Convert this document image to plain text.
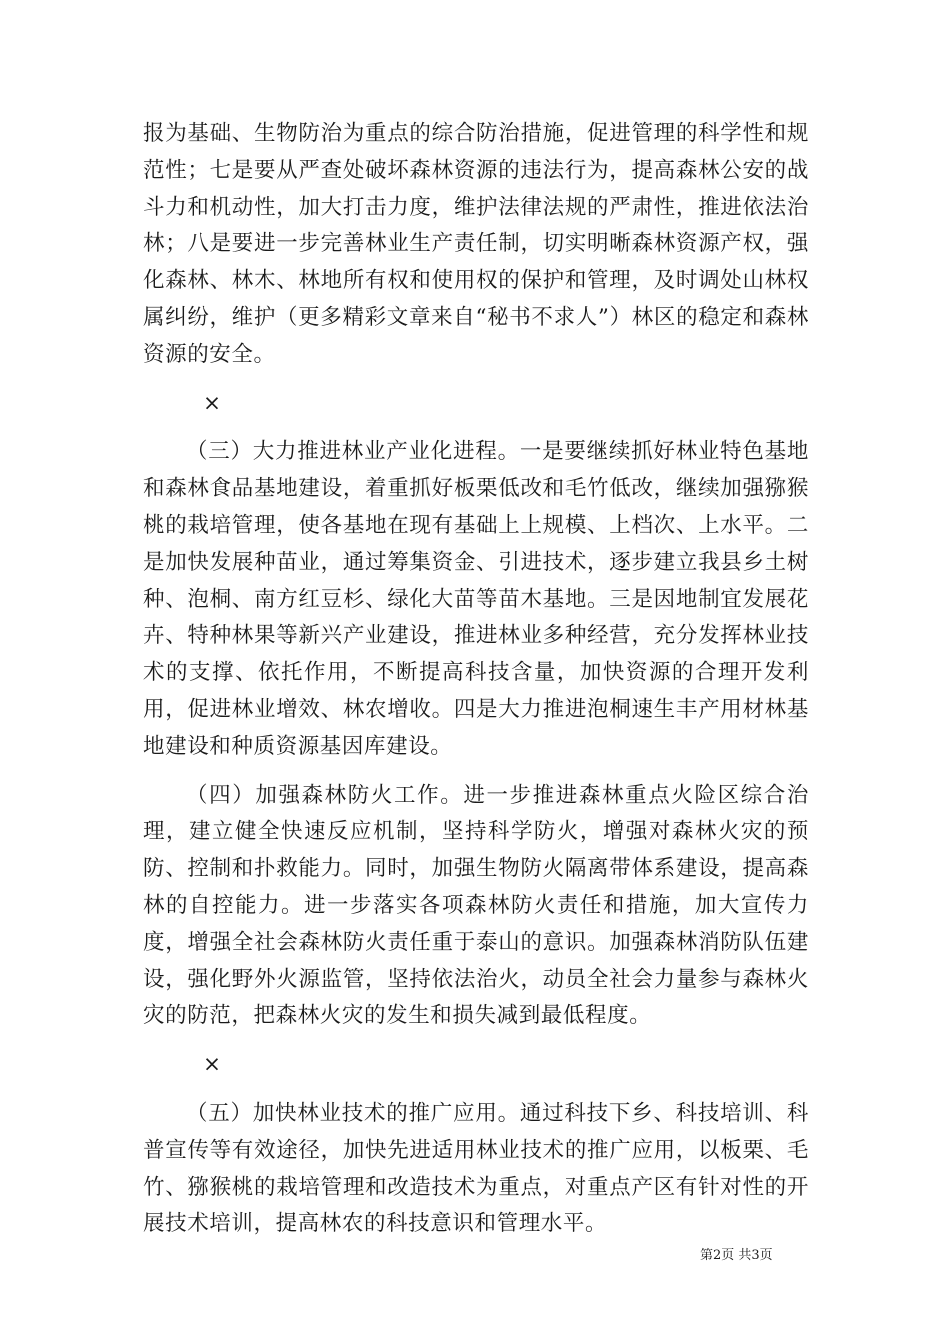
报为基础、生物防治为重点的综合防治措施，促进管理的科学性和规范性；七是要从严查处破坏森林资源的违法行为，提高森林公安的战斗力和机动性，加大打击力度，维护法律法规的严肃性，推进依法治林；八是要进一步完善林业生产责任制，切实明晰森林资源产权，强化森林、林木、林地所有权和使用权的保护和管理，及时调处山林权属纠纷，维护（更多精彩文章来自“秘书不求人”）林区的稳定和森林资源的安全。

×

（三）大力推进林业产业化进程。一是要继续抓好林业特色基地和森林食品基地建设，着重抓好板栗低改和毛竹低改，继续加强猕猴桃的栽培管理，使各基地在现有基础上上规模、上档次、上水平。二是加快发展种苗业，通过筹集资金、引进技术，逐步建立我县乡土树种、泡桐、南方红豆杉、绿化大苗等苗木基地。三是因地制宜发展花卉、特种林果等新兴产业建设，推进林业多种经营，充分发挥林业技术的支撑、依托作用，不断提高科技含量，加快资源的合理开发利用，促进林业增效、林农增收。四是大力推进泡桐速生丰产用材林基地建设和种质资源基因库建设。

（四）加强森林防火工作。进一步推进森林重点火险区综合治理，建立健全快速反应机制，坚持科学防火，增强对森林火灾的预防、控制和扑救能力。同时，加强生物防火隔离带体系建设，提高森林的自控能力。进一步落实各项森林防火责任和措施，加大宣传力度，增强全社会森林防火责任重于泰山的意识。加强森林消防队伍建设，强化野外火源监管，坚持依法治火，动员全社会力量参与森林火灾的防范，把森林火灾的发生和损失减到最低程度。

×

（五）加快林业技术的推广应用。通过科技下乡、科技培训、科普宣传等有效途径，加快先进适用林业技术的推广应用，以板栗、毛竹、猕猴桃的栽培管理和改造技术为重点，对重点产区有针对性的开展技术培训，提高林农的科技意识和管理水平。

第2页 共3页
